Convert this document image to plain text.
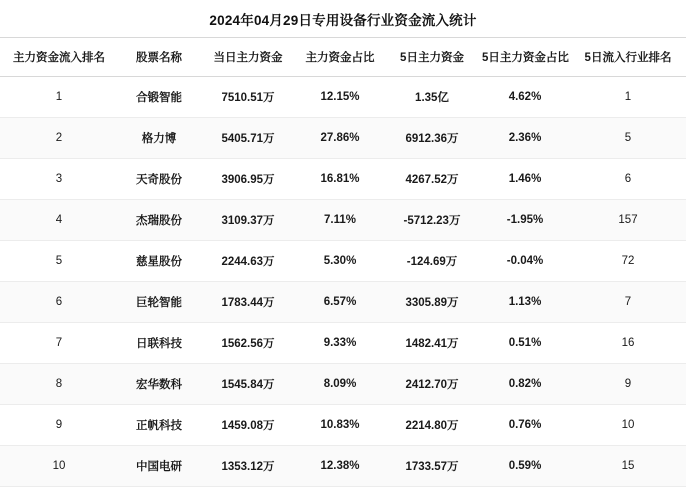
2024年04月29日专用设备行业资金流入统计
主力资金流入排名	股票名称	当日主力资金	主力资金占比	5日主力资金	5日主力资金占比	5日流入行业排名
1	合锻智能	7510.51万	12.15%	1.35亿	4.62%	1
2	格力博	5405.71万	27.86%	6912.36万	2.36%	5
3	天奇股份	3906.95万	16.81%	4267.52万	1.46%	6
4	杰瑞股份	3109.37万	7.11%	-5712.23万	-1.95%	157
5	慈星股份	2244.63万	5.30%	-124.69万	-0.04%	72
6	巨轮智能	1783.44万	6.57%	3305.89万	1.13%	7
7	日联科技	1562.56万	9.33%	1482.41万	0.51%	16
8	宏华数科	1545.84万	8.09%	2412.70万	0.82%	9
9	正帆科技	1459.08万	10.83%	2214.80万	0.76%	10
10	中国电研	1353.12万	12.38%	1733.57万	0.59%	15
